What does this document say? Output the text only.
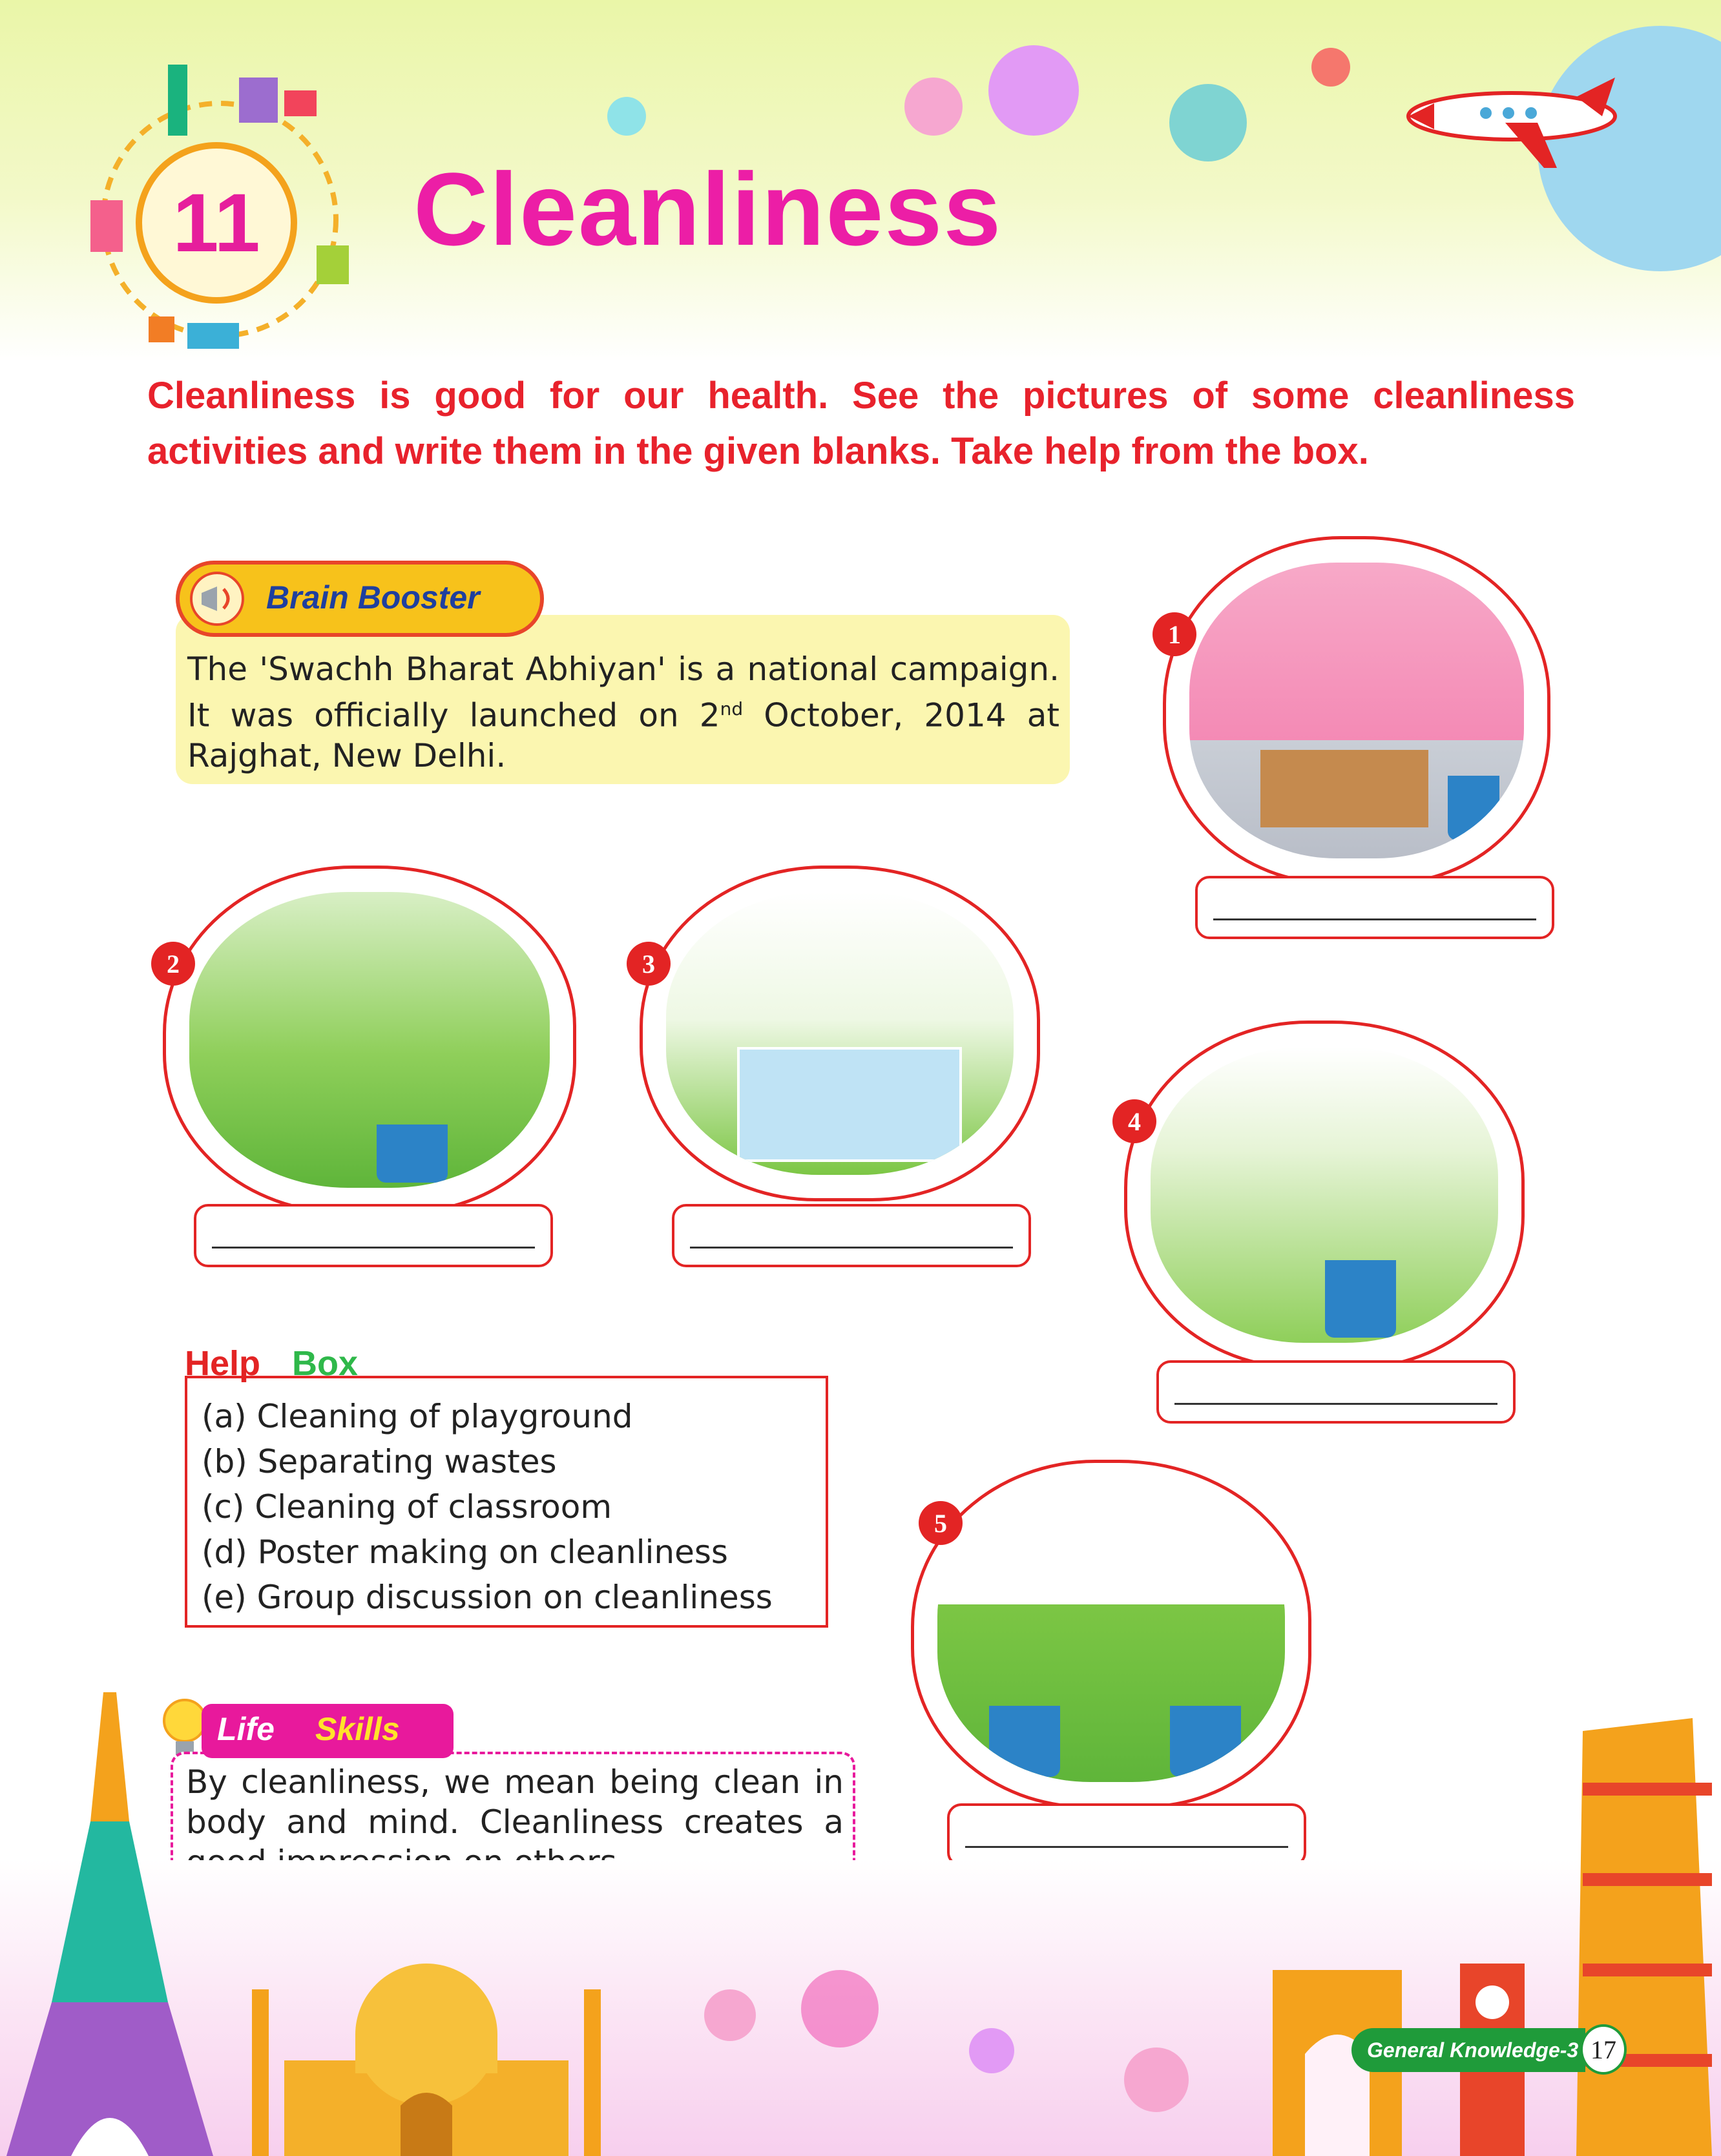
11 Cleanliness
Cleanliness is good for our health. See the pictures of some cleanliness activities and write them in the given blanks. Take help from the box.
Brain Booster
The 'Swachh Bharat Abhiyan' is a national campaign. It was officially launched on 2nd October, 2014 at Rajghat, New Delhi.
1
2	3
4
Help Box
(a) Cleaning of playground
(b) Separating wastes
(c) Cleaning of classroom
(d) Poster making on cleanliness
(e) Group discussion on cleanliness
5
Life Skills
By cleanliness, we mean being clean in body and mind. Cleanliness creates a
General Knowledge-3 17
